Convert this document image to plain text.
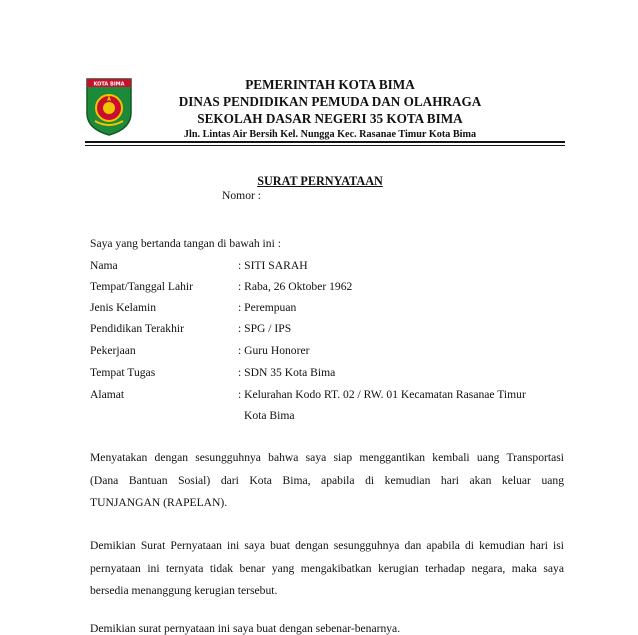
KOTA BIMA	PEMERINTAH KOTA BIMA
DINAS PENDIDIKAN PEMUDA DAN OLAHRAGA
SEKOLAH DASAR NEGERI 35 KOTA BIMA
Jln. Lintas Air Bersih Kel. Nungga Kec. Rasanae Timur Kota Bima
SURAT PERNYATAAN
Nomor :
Saya yang bertanda tangan di bawah ini :
Nama	: SITI SARAH
Tempat/Tanggal Lahir	: Raba, 26 Oktober 1962
Jenis Kelamin	: Perempuan
Pendidikan Terakhir	: SPG / IPS
Pekerjaan	: Guru Honorer
Tempat Tugas	: SDN 35 Kota Bima
Alamat	: Kelurahan Kodo RT. 02 / RW. 01 Kecamatan Rasanae Timur
Kota Bima
Menyatakan dengan sesungguhnya bahwa saya siap menggantikan kembali uang Transportasi
(Dana Bantuan Sosial) dari Kota Bima, apabila di kemudian hari akan keluar uang
TUNJANGAN (RAPELAN).
Demikian Surat Pernyataan ini saya buat dengan sesungguhnya dan apabila di kemudian hari isi
pernyataan ini ternyata tidak benar yang mengakibatkan kerugian terhadap negara, maka saya
bersedia menanggung kerugian tersebut.
Demikian surat pernyataan ini saya buat dengan sebenar-benarnya.
